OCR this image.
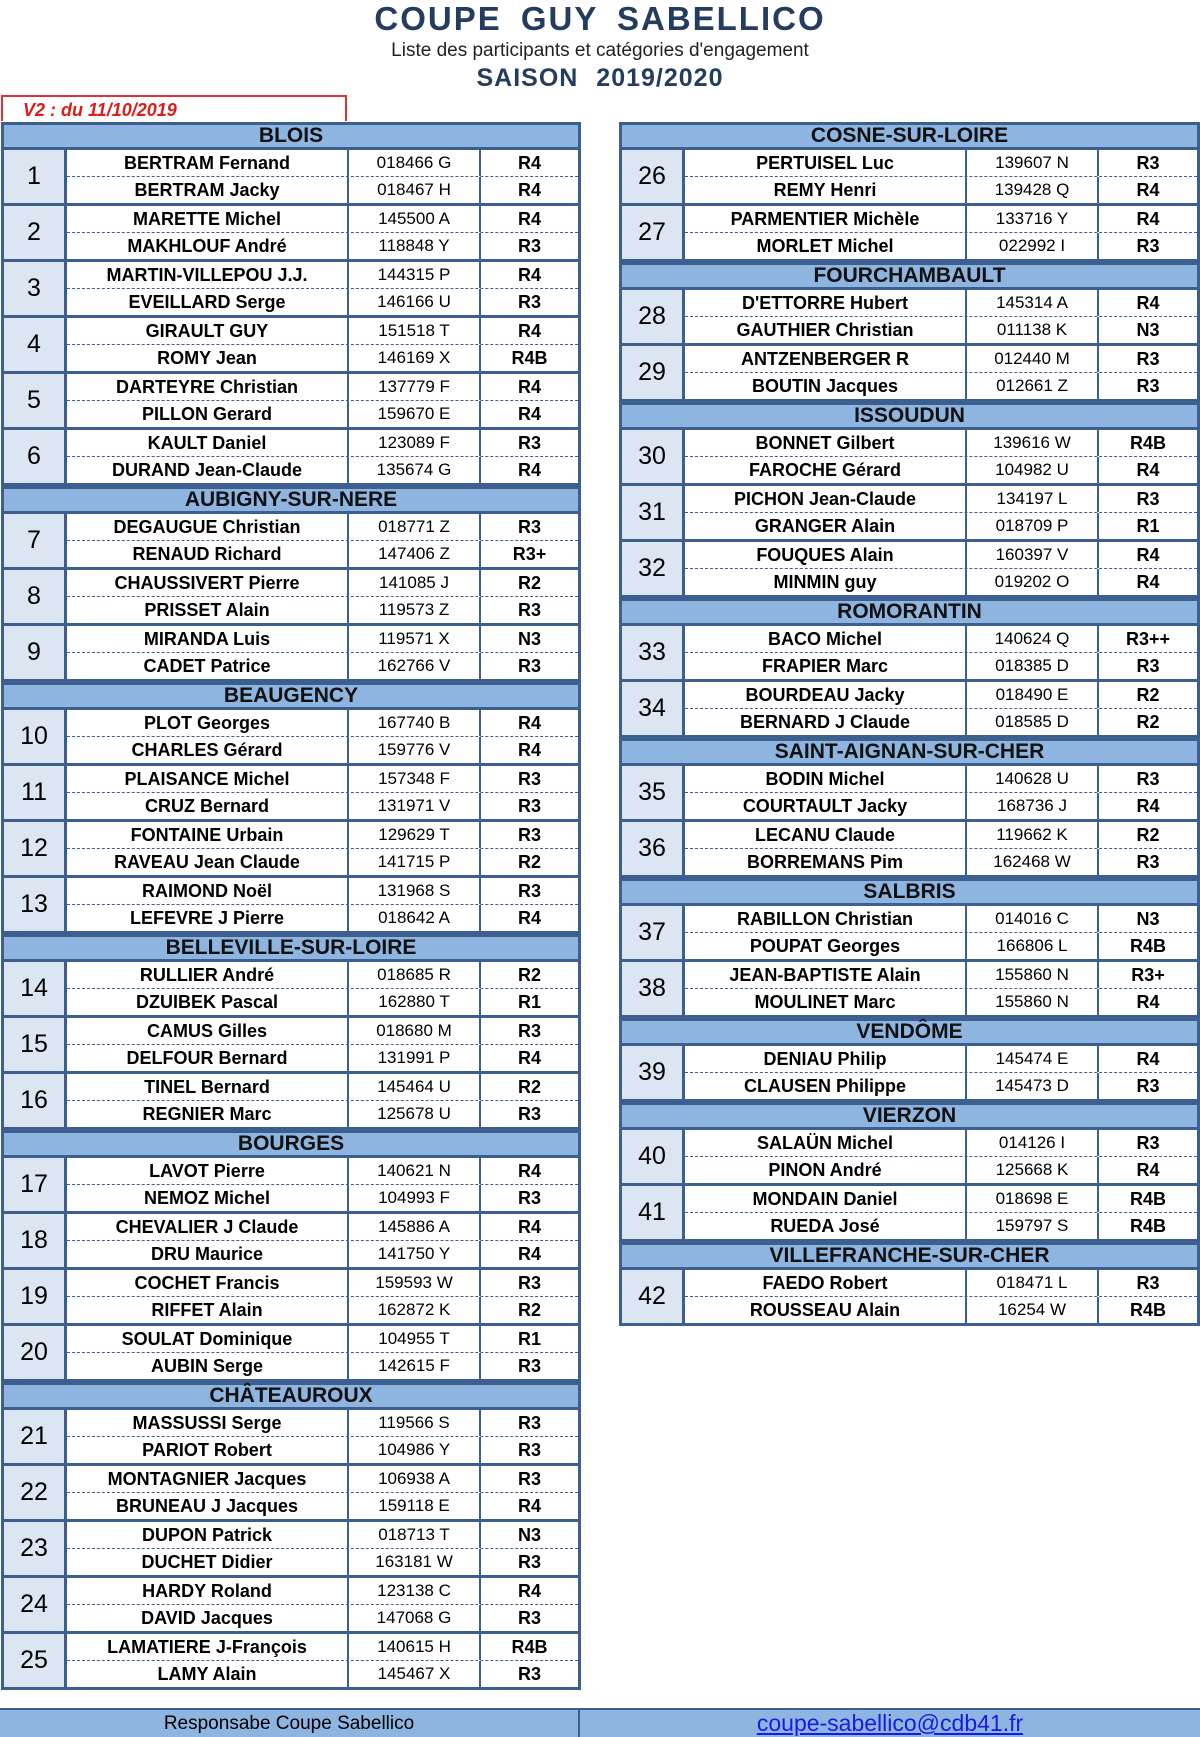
COUPE GUY SABELLICO
Liste des participants et catégories d'engagement
SAISON 2019/2020
V2 : du 11/10/2019
BLOIS
1	BERTRAM Fernand	018466 G	R4
BERTRAM Jacky	018467 H	R4
2	MARETTE Michel	145500 A	R4
MAKHLOUF André	118848 Y	R3
3	MARTIN-VILLEPOU J.J.	144315 P	R4
EVEILLARD Serge	146166 U	R3
4	GIRAULT GUY	151518 T	R4
ROMY Jean	146169 X	R4B
5	DARTEYRE Christian	137779 F	R4
PILLON Gerard	159670 E	R4
6	KAULT Daniel	123089 F	R3
DURAND Jean-Claude	135674 G	R4
AUBIGNY-SUR-NERE
7	DEGAUGUE Christian	018771 Z	R3
RENAUD Richard	147406 Z	R3+
8	CHAUSSIVERT Pierre	141085 J	R2
PRISSET Alain	119573 Z	R3
9	MIRANDA Luis	119571 X	N3
CADET Patrice	162766 V	R3
BEAUGENCY
10	PLOT Georges	167740 B	R4
CHARLES Gérard	159776 V	R4
11	PLAISANCE Michel	157348 F	R3
CRUZ Bernard	131971 V	R3
12	FONTAINE Urbain	129629 T	R3
RAVEAU Jean Claude	141715 P	R2
13	RAIMOND Noël	131968 S	R3
LEFEVRE J Pierre	018642 A	R4
BELLEVILLE-SUR-LOIRE
14	RULLIER André	018685 R	R2
DZUIBEK Pascal	162880 T	R1
15	CAMUS Gilles	018680 M	R3
DELFOUR Bernard	131991 P	R4
16	TINEL Bernard	145464 U	R2
REGNIER Marc	125678 U	R3
BOURGES
17	LAVOT Pierre	140621 N	R4
NEMOZ Michel	104993 F	R3
18	CHEVALIER J Claude	145886 A	R4
DRU Maurice	141750 Y	R4
19	COCHET Francis	159593 W	R3
RIFFET Alain	162872 K	R2
20	SOULAT Dominique	104955 T	R1
AUBIN Serge	142615 F	R3
CHÂTEAUROUX
21	MASSUSSI Serge	119566 S	R3
PARIOT Robert	104986 Y	R3
22	MONTAGNIER Jacques	106938 A	R3
BRUNEAU J Jacques	159118 E	R4
23	DUPON Patrick	018713 T	N3
DUCHET Didier	163181 W	R3
24	HARDY Roland	123138 C	R4
DAVID Jacques	147068 G	R3
25	LAMATIERE J-François	140615 H	R4B
LAMY Alain	145467 X	R3
COSNE-SUR-LOIRE
26	PERTUISEL Luc	139607 N	R3
REMY Henri	139428 Q	R4
27	PARMENTIER Michèle	133716 Y	R4
MORLET Michel	022992 I	R3
FOURCHAMBAULT
28	D'ETTORRE Hubert	145314 A	R4
GAUTHIER Christian	011138 K	N3
29	ANTZENBERGER R	012440 M	R3
BOUTIN Jacques	012661 Z	R3
ISSOUDUN
30	BONNET Gilbert	139616 W	R4B
FAROCHE Gérard	104982 U	R4
31	PICHON Jean-Claude	134197 L	R3
GRANGER Alain	018709 P	R1
32	FOUQUES Alain	160397 V	R4
MINMIN guy	019202 O	R4
ROMORANTIN
33	BACO Michel	140624 Q	R3++
FRAPIER Marc	018385 D	R3
34	BOURDEAU Jacky	018490 E	R2
BERNARD J Claude	018585 D	R2
SAINT-AIGNAN-SUR-CHER
35	BODIN Michel	140628 U	R3
COURTAULT Jacky	168736 J	R4
36	LECANU Claude	119662 K	R2
BORREMANS Pim	162468 W	R3
SALBRIS
37	RABILLON Christian	014016 C	N3
POUPAT Georges	166806 L	R4B
38	JEAN-BAPTISTE Alain	155860 N	R3+
MOULINET Marc	155860 N	R4
VENDÔME
39	DENIAU Philip	145474 E	R4
CLAUSEN Philippe	145473 D	R3
VIERZON
40	SALAÜN Michel	014126 I	R3
PINON André	125668 K	R4
41	MONDAIN Daniel	018698 E	R4B
RUEDA José	159797 S	R4B
VILLEFRANCHE-SUR-CHER
42	FAEDO Robert	018471 L	R3
ROUSSEAU Alain	16254 W	R4B
Responsabe Coupe Sabellico	coupe-sabellico@cdb41.fr
